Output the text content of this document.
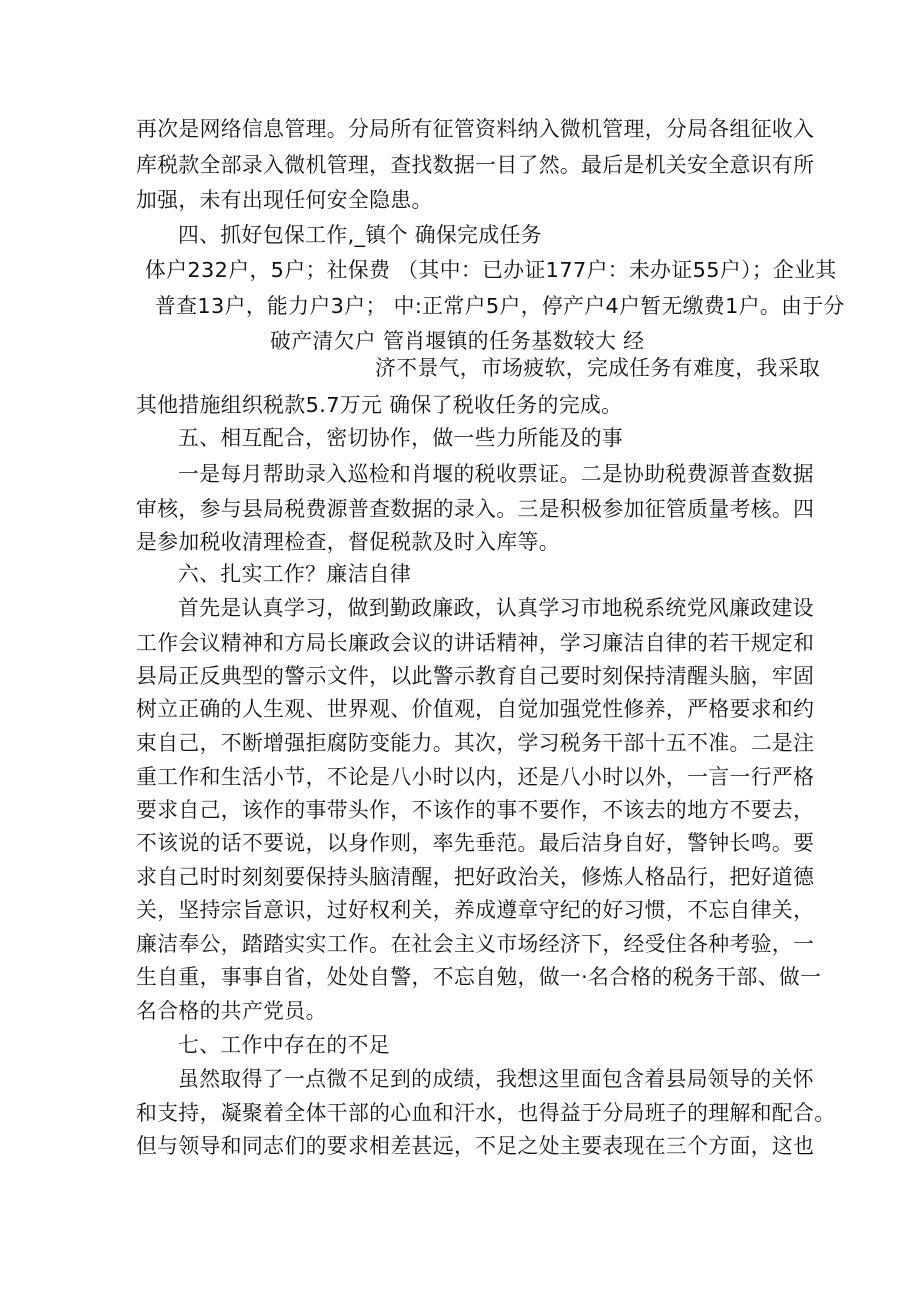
再次是网络信息管理。分局所有征管资料纳入微机管理，分局各组征收入
库税款全部录入微机管理，查找数据一目了然。最后是机关安全意识有所
加强，未有出现任何安全隐患。
四、抓好包保工作,_镇个 确保完成任务
体户232户，5户；社保费 （其中：已办证177户：未办证55户）；企业其
普查13户，能力户3户； 中:正常户5户，停产户4户暂无缴费1户。由于分
破产清欠户 管肖堰镇的任务基数较大 经
济不景气，市场疲软，完成任务有难度，我采取
其他措施组织税款5.7万元 确保了税收任务的完成。
五、相互配合，密切协作，做一些力所能及的事
一是每月帮助录入巡检和肖堰的税收票证。二是协助税费源普查数据
审核，参与县局税费源普查数据的录入。三是积极参加征管质量考核。四
是参加税收清理检查，督促税款及时入库等。
六、扎实工作？廉洁自律
首先是认真学习，做到勤政廉政，认真学习市地税系统党风廉政建设
工作会议精神和方局长廉政会议的讲话精神，学习廉洁自律的若干规定和
县局正反典型的警示文件，以此警示教育自己要时刻保持清醒头脑，牢固
树立正确的人生观、世界观、价值观，自觉加强党性修养，严格要求和约
束自己，不断增强拒腐防变能力。其次，学习税务干部十五不准。二是注
重工作和生活小节，不论是八小时以内，还是八小时以外，一言一行严格
要求自己，该作的事带头作，不该作的事不要作，不该去的地方不要去，
不该说的话不要说，以身作则，率先垂范。最后洁身自好，警钟长鸣。要
求自己时时刻刻要保持头脑清醒，把好政治关，修炼人格品行，把好道德
关，坚持宗旨意识，过好权利关，养成遵章守纪的好习惯，不忘自律关，
廉洁奉公，踏踏实实工作。在社会主义市场经济下，经受住各种考验，一
生自重，事事自省，处处自警，不忘自勉，做一·名合格的税务干部、做一
名合格的共产党员。
七、工作中存在的不足
虽然取得了一点微不足到的成绩，我想这里面包含着县局领导的关怀
和支持，凝聚着全体干部的心血和汗水，也得益于分局班子的理解和配合。
但与领导和同志们的要求相差甚远，不足之处主要表现在三个方面，这也
